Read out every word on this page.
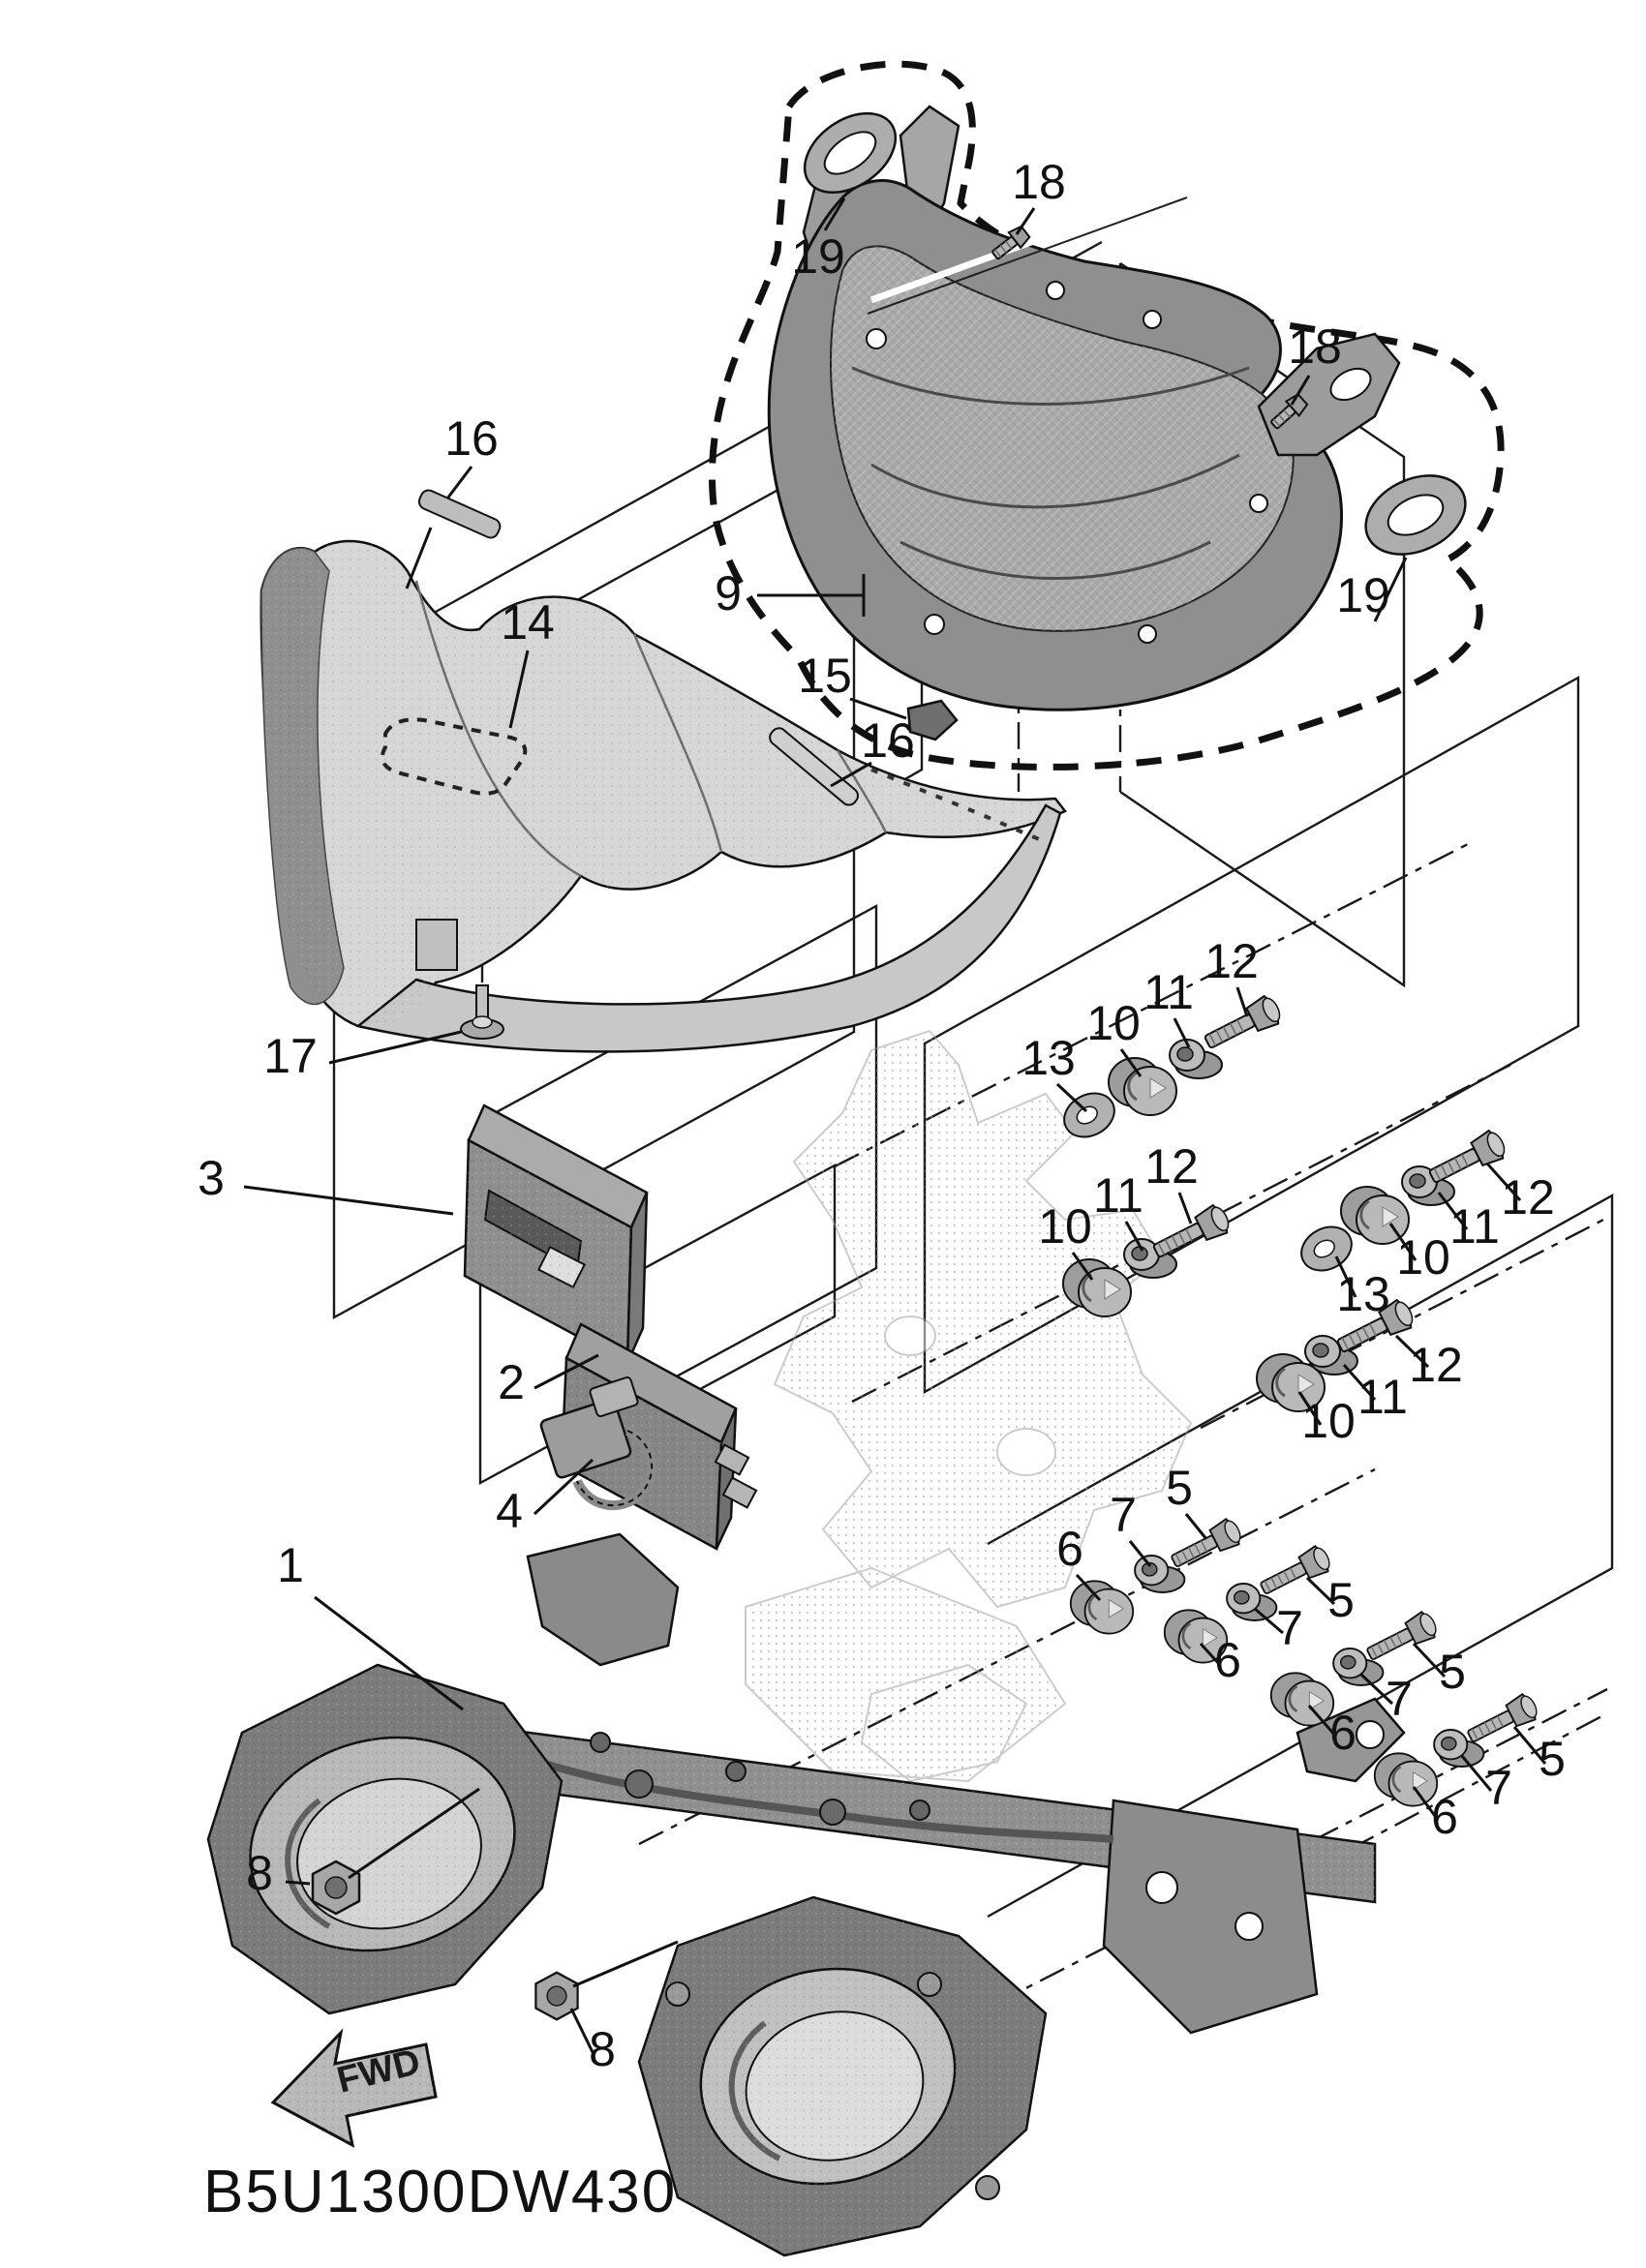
19
18
18
16
14
9
15
16
19
13
10
11
12
10
11
12
12
11
10
13
12
11
10
3
17
2
4
1
5
7
6
6
7
5
6
7 5
6
7
5
8
8
FWD
B5U1300DW430
